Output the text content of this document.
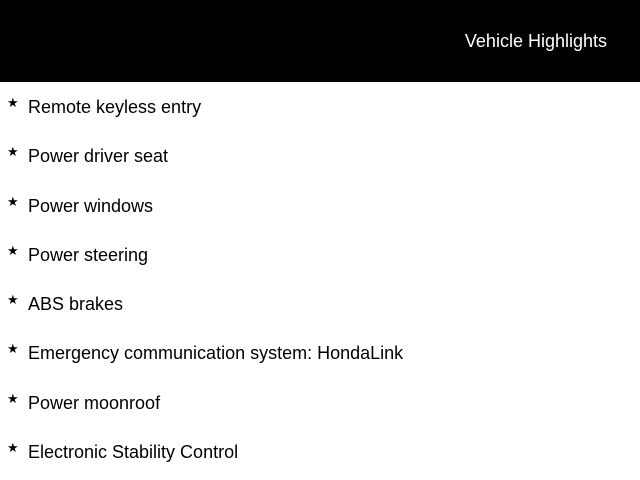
Vehicle Highlights
★ Remote keyless entry
★ Power driver seat
★ Power windows
★ Power steering
★ ABS brakes
★ Emergency communication system: HondaLink
★ Power moonroof
★ Electronic Stability Control
